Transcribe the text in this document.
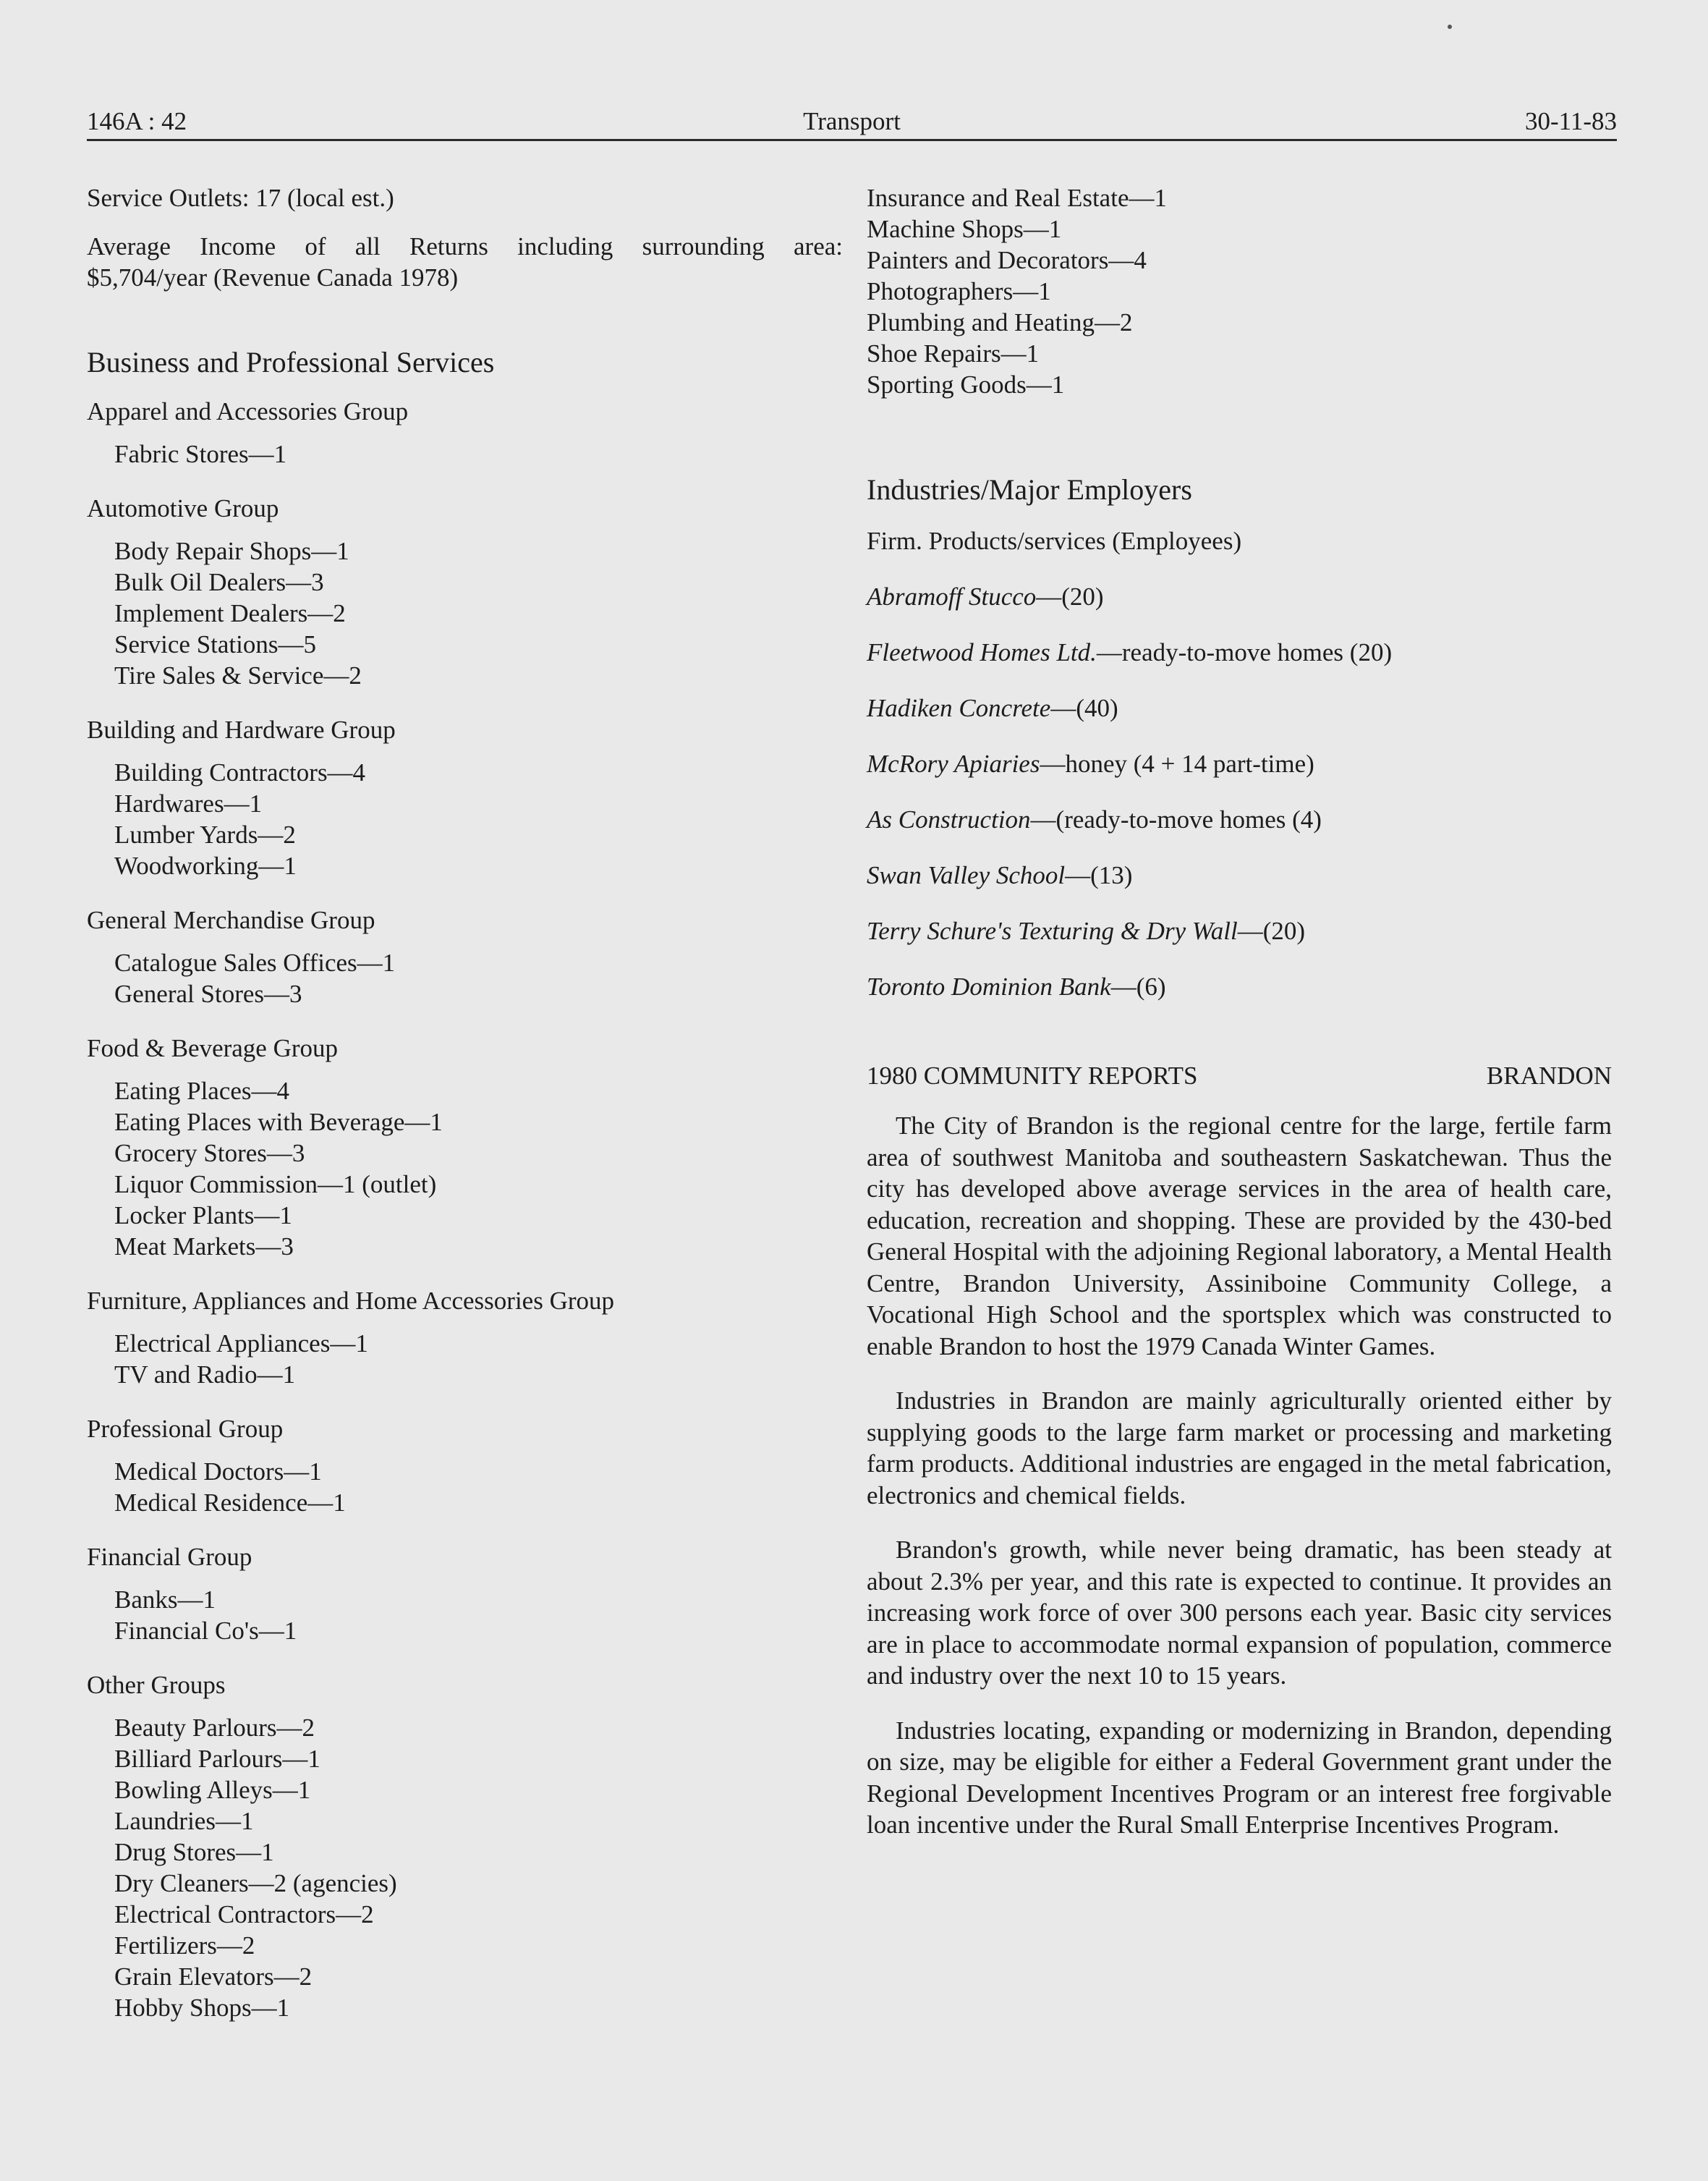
146A : 42	Transport	30-11-83
Service Outlets: 17 (local est.)
Average Income of all Returns including surrounding area:
$5,704/year (Revenue Canada 1978)
Business and Professional Services
Apparel and Accessories Group
Fabric Stores—1
Automotive Group
Body Repair Shops—1
Bulk Oil Dealers—3
Implement Dealers—2
Service Stations—5
Tire Sales & Service—2
Building and Hardware Group
Building Contractors—4
Hardwares—1
Lumber Yards—2
Woodworking—1
General Merchandise Group
Catalogue Sales Offices—1
General Stores—3
Food & Beverage Group
Eating Places—4
Eating Places with Beverage—1
Grocery Stores—3
Liquor Commission—1 (outlet)
Locker Plants—1
Meat Markets—3
Furniture, Appliances and Home Accessories Group
Electrical Appliances—1
TV and Radio—1
Professional Group
Medical Doctors—1
Medical Residence—1
Financial Group
Banks—1
Financial Co's—1
Other Groups
Beauty Parlours—2
Billiard Parlours—1
Bowling Alleys—1
Laundries—1
Drug Stores—1
Dry Cleaners—2 (agencies)
Electrical Contractors—2
Fertilizers—2
Grain Elevators—2
Hobby Shops—1
Insurance and Real Estate—1
Machine Shops—1
Painters and Decorators—4
Photographers—1
Plumbing and Heating—2
Shoe Repairs—1
Sporting Goods—1
Industries/Major Employers
Firm. Products/services (Employees)
Abramoff Stucco—(20)
Fleetwood Homes Ltd.—ready-to-move homes (20)
Hadiken Concrete—(40)
McRory Apiaries—honey (4 + 14 part-time)
As Construction—(ready-to-move homes (4)
Swan Valley School—(13)
Terry Schure's Texturing & Dry Wall—(20)
Toronto Dominion Bank—(6)
1980 COMMUNITY REPORTS	BRANDON

The City of Brandon is the regional centre for the large, fertile farm area of southwest Manitoba and southeastern Saskatchewan. Thus the city has developed above average services in the area of health care, education, recreation and shopping. These are provided by the 430-bed General Hospital with the adjoining Regional laboratory, a Mental Health Centre, Brandon University, Assiniboine Community College, a Vocational High School and the sportsplex which was constructed to enable Brandon to host the 1979 Canada Winter Games.

Industries in Brandon are mainly agriculturally oriented either by supplying goods to the large farm market or processing and marketing farm products. Additional industries are engaged in the metal fabrication, electronics and chemical fields.

Brandon's growth, while never being dramatic, has been steady at about 2.3% per year, and this rate is expected to continue. It provides an increasing work force of over 300 persons each year. Basic city services are in place to accommodate normal expansion of population, commerce and industry over the next 10 to 15 years.

Industries locating, expanding or modernizing in Brandon, depending on size, may be eligible for either a Federal Government grant under the Regional Development Incentives Program or an interest free forgivable loan incentive under the Rural Small Enterprise Incentives Program.
